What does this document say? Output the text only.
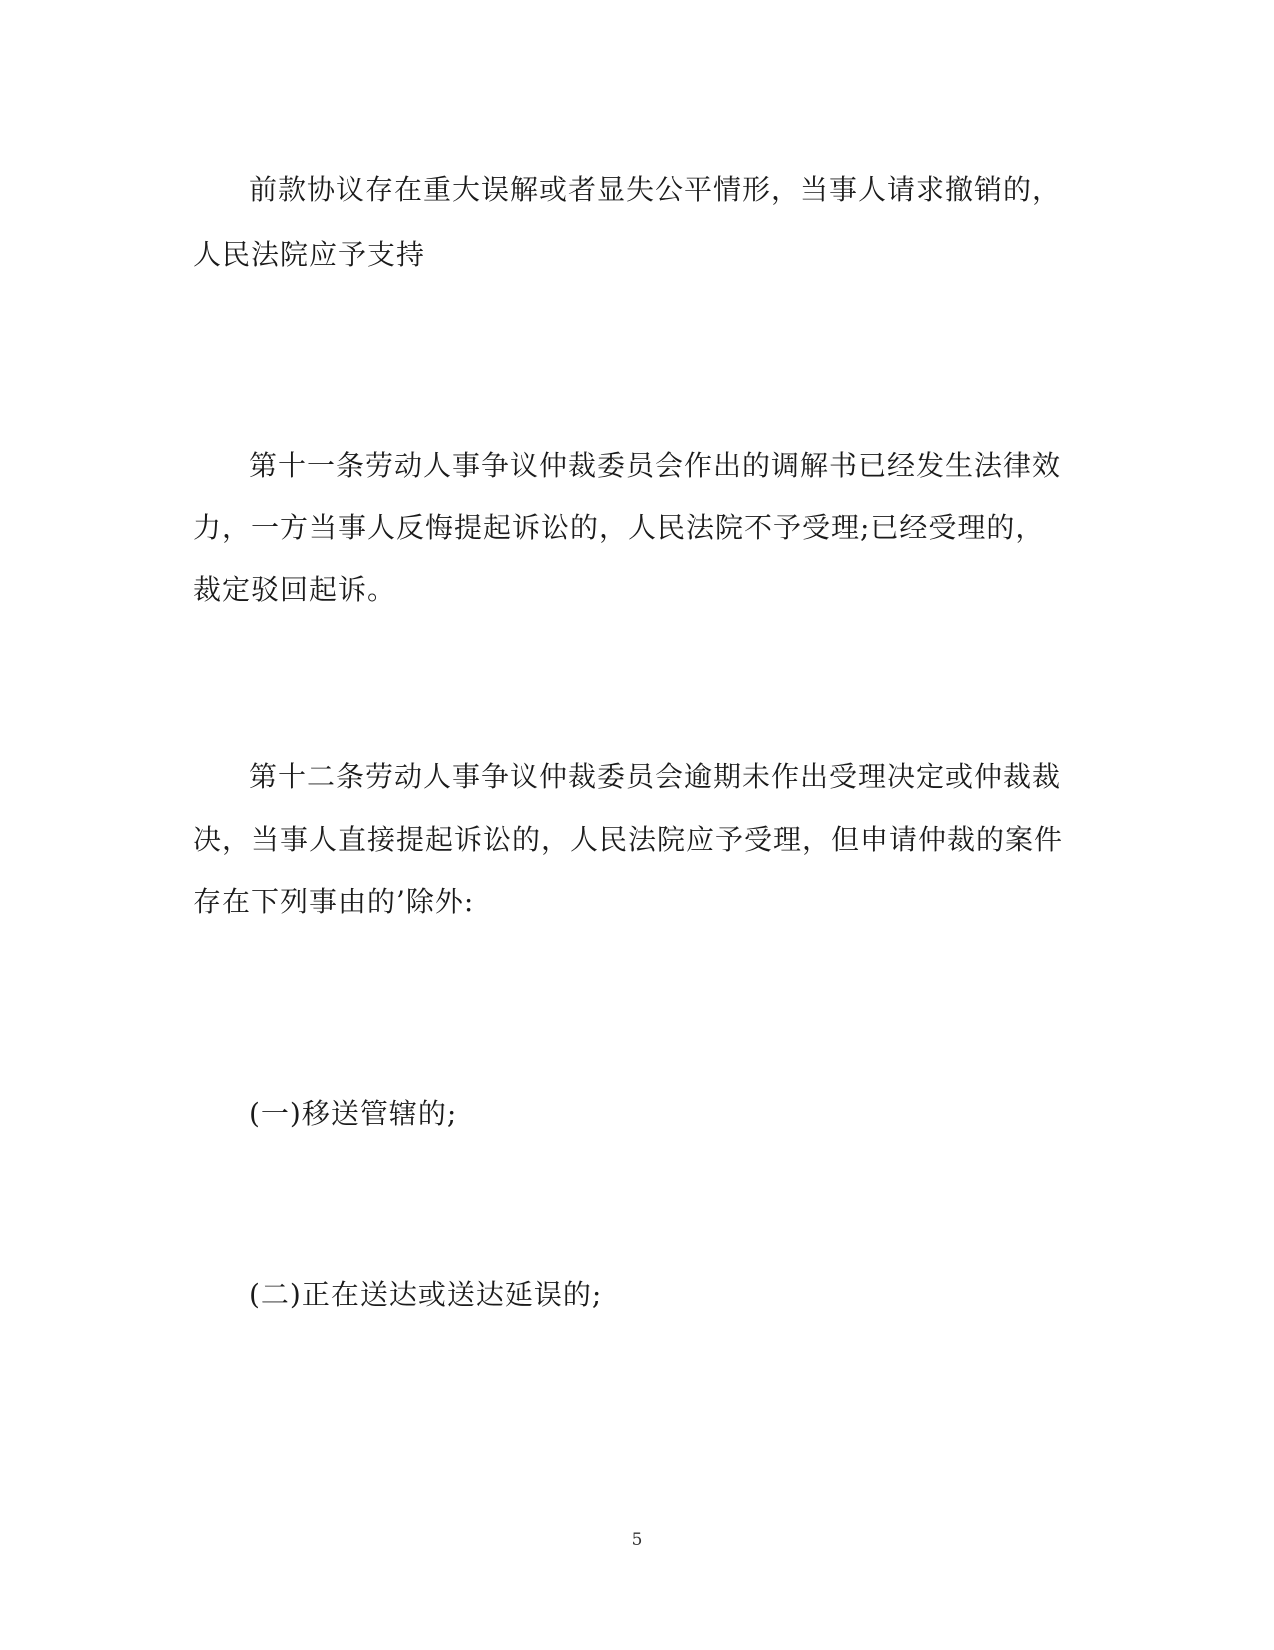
前款协议存在重大误解或者显失公平情形，当事人请求撤销的，
人民法院应予支持
第十一条劳动人事争议仲裁委员会作出的调解书已经发生法律效
力，一方当事人反悔提起诉讼的，人民法院不予受理;已经受理的，
裁定驳回起诉。
第十二条劳动人事争议仲裁委员会逾期未作出受理决定或仲裁裁
决，当事人直接提起诉讼的，人民法院应予受理，但申请仲裁的案件
存在下列事由的’除外:
(一)移送管辖的;
(二)正在送达或送达延误的;
5
